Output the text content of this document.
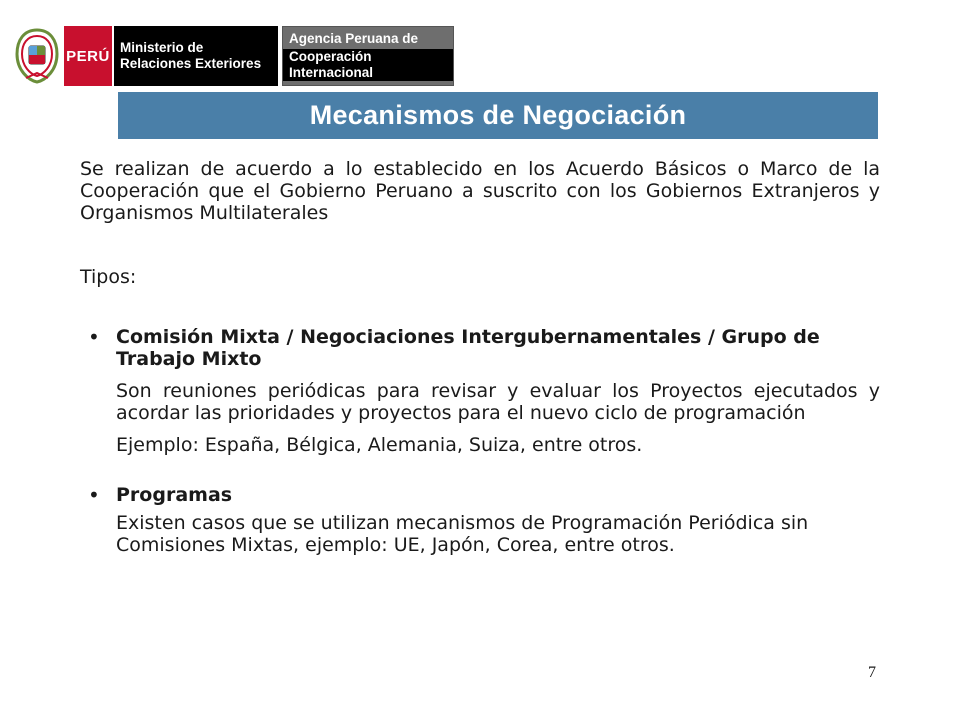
PERÚ Ministerio de
Relaciones Exteriores
Agencia Peruana de
Cooperación Internacional
Mecanismos de Negociación

Se realizan de acuerdo a lo establecido en los Acuerdo Básicos o Marco de la Cooperación que el Gobierno Peruano a suscrito con los Gobiernos Extranjeros y Organismos Multilaterales

Tipos:

• Comisión Mixta / Negociaciones Intergubernamentales / Grupo de Trabajo Mixto

Son reuniones periódicas para revisar y evaluar los Proyectos ejecutados y acordar las prioridades y proyectos para el nuevo ciclo de programación

Ejemplo: España, Bélgica, Alemania, Suiza, entre otros.

• Programas

Existen casos que se utilizan mecanismos de Programación Periódica sin Comisiones Mixtas, ejemplo: UE, Japón, Corea, entre otros.

7
